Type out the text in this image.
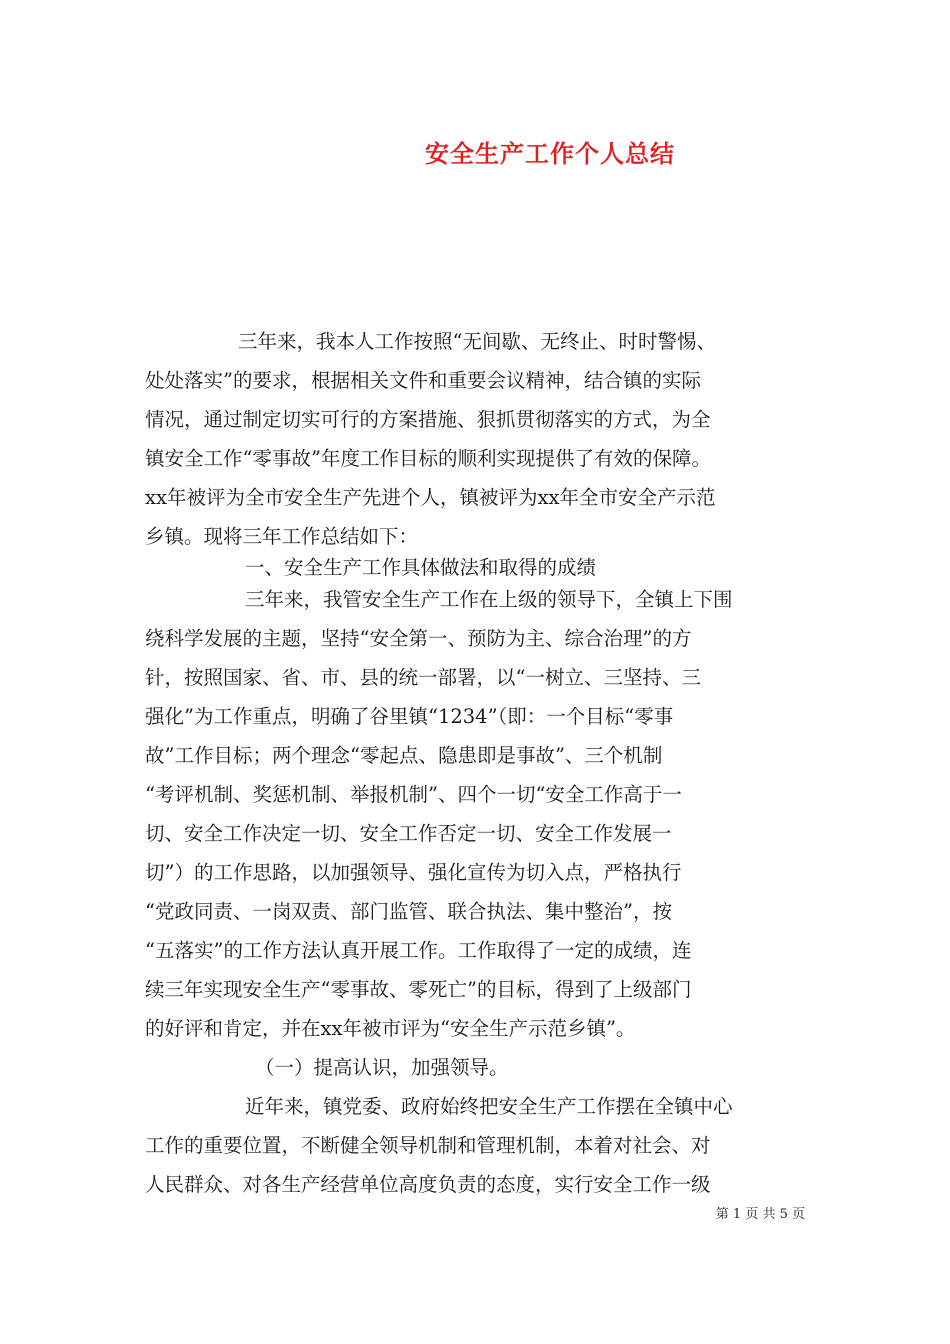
安全生产工作个人总结
三年来，我本人工作按照“无间歇、无终止、时时警惕、
处处落实”的要求，根据相关文件和重要会议精神，结合镇的实际
情况，通过制定切实可行的方案措施、狠抓贯彻落实的方式，为全
镇安全工作“零事故”年度工作目标的顺利实现提供了有效的保障。
xx年被评为全市安全生产先进个人，镇被评为xx年全市安全产示范
乡镇。现将三年工作总结如下：
一、安全生产工作具体做法和取得的成绩
三年来，我管安全生产工作在上级的领导下，全镇上下围
绕科学发展的主题，坚持“安全第一、预防为主、综合治理”的方
针，按照国家、省、市、县的统一部署，以“一树立、三坚持、三
强化”为工作重点，明确了谷里镇“1234”（即：一个目标“零事
故”工作目标；两个理念“零起点、隐患即是事故”、三个机制
“考评机制、奖惩机制、举报机制”、四个一切“安全工作高于一
切、安全工作决定一切、安全工作否定一切、安全工作发展一
切”）的工作思路，以加强领导、强化宣传为切入点，严格执行
“党政同责、一岗双责、部门监管、联合执法、集中整治”，按
“五落实”的工作方法认真开展工作。工作取得了一定的成绩，连
续三年实现安全生产“零事故、零死亡”的目标，得到了上级部门
的好评和肯定，并在xx年被市评为“安全生产示范乡镇”。
（一）提高认识，加强领导。
近年来，镇党委、政府始终把安全生产工作摆在全镇中心
工作的重要位置，不断健全领导机制和管理机制，本着对社会、对
人民群众、对各生产经营单位高度负责的态度，实行安全工作一级
第 1 页 共 5 页
